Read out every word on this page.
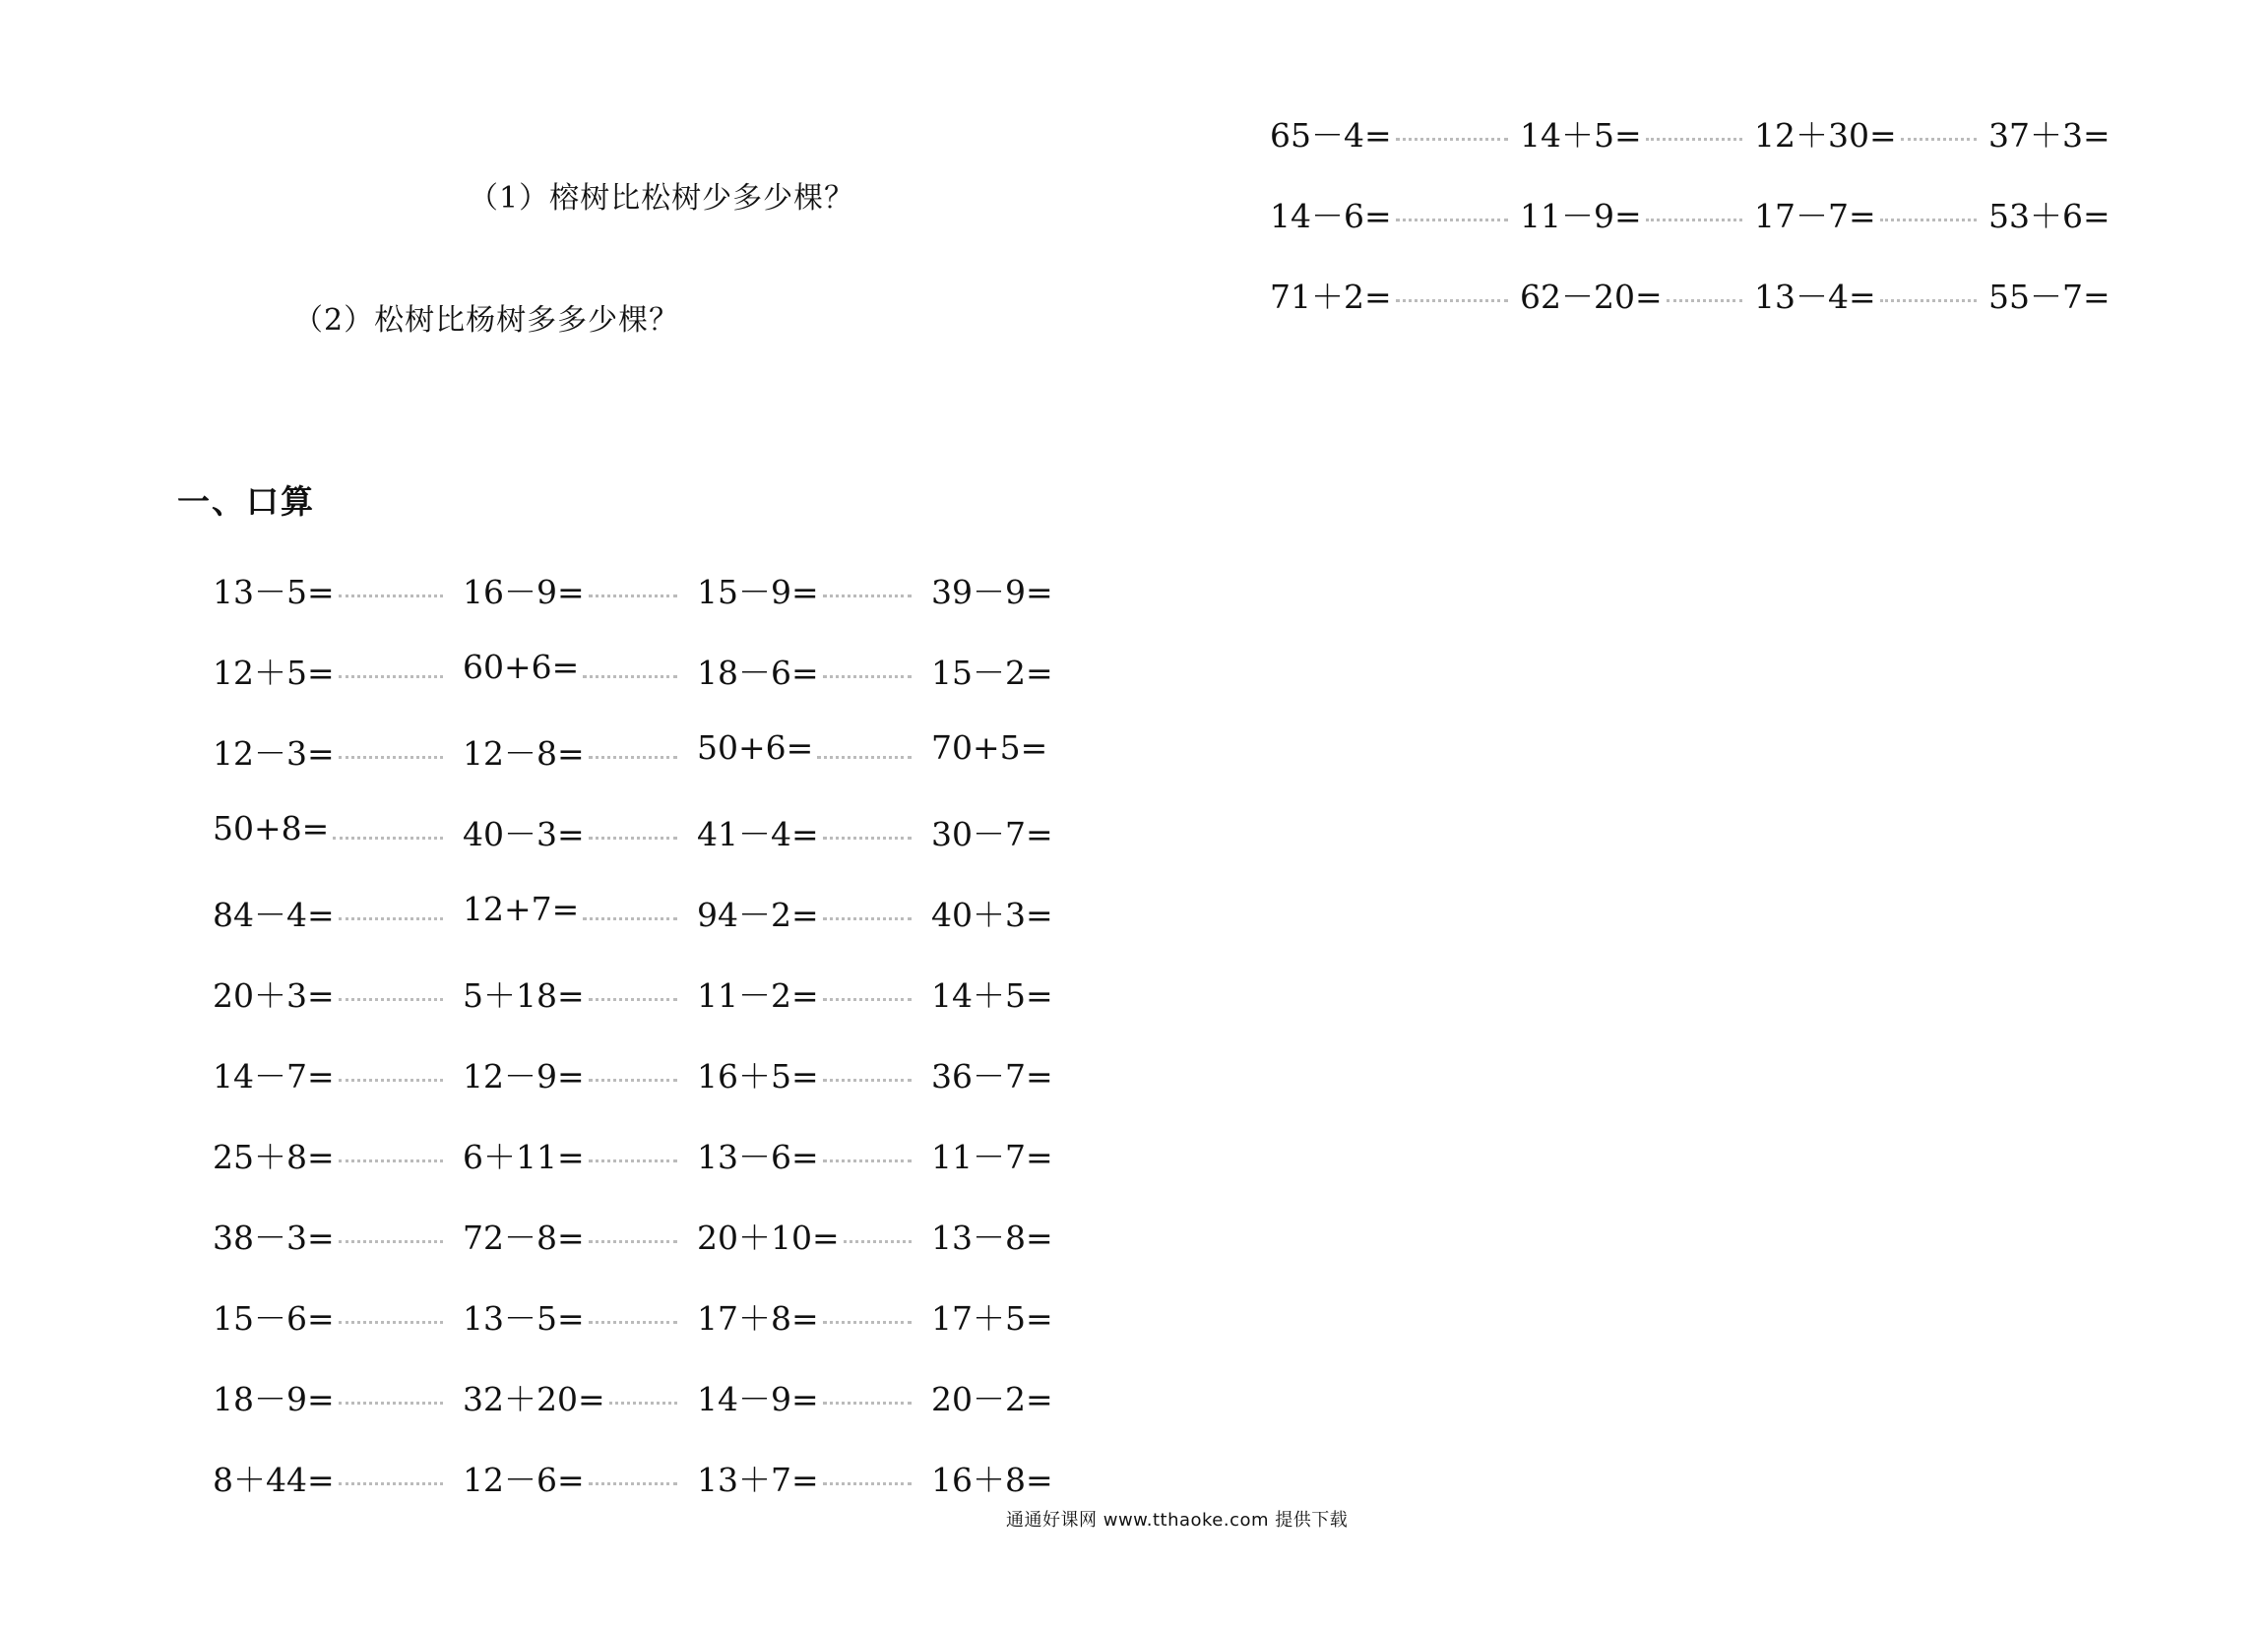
（1）榕树比松树少多少棵？
（2）松树比杨树多多少棵？
一、口算
65－4=	14＋5=	12＋30=	37＋3=
14－6=	11－9=	17－7=	53＋6=
71＋2=	62－20=	13－4=	55－7=
13－5=	16－9=	15－9=	39－9=
12＋5=	60+6=	18－6=	15－2=
12－3=	12－8=	50+6=	70+5=
50+8=	40－3=	41－4=	30－7=
84－4=	12+7=	94－2=	40＋3=
20＋3=	5＋18=	11－2=	14＋5=
14－7=	12－9=	16＋5=	36－7=
25＋8=	6＋11=	13－6=	11－7=
38－3=	72－8=	20＋10=	13－8=
15－6=	13－5=	17＋8=	17＋5=
18－9=	32＋20=	14－9=	20－2=
8＋44=	12－6=	13＋7=	16＋8=
通通好课网 www.tthaoke.com 提供下载
